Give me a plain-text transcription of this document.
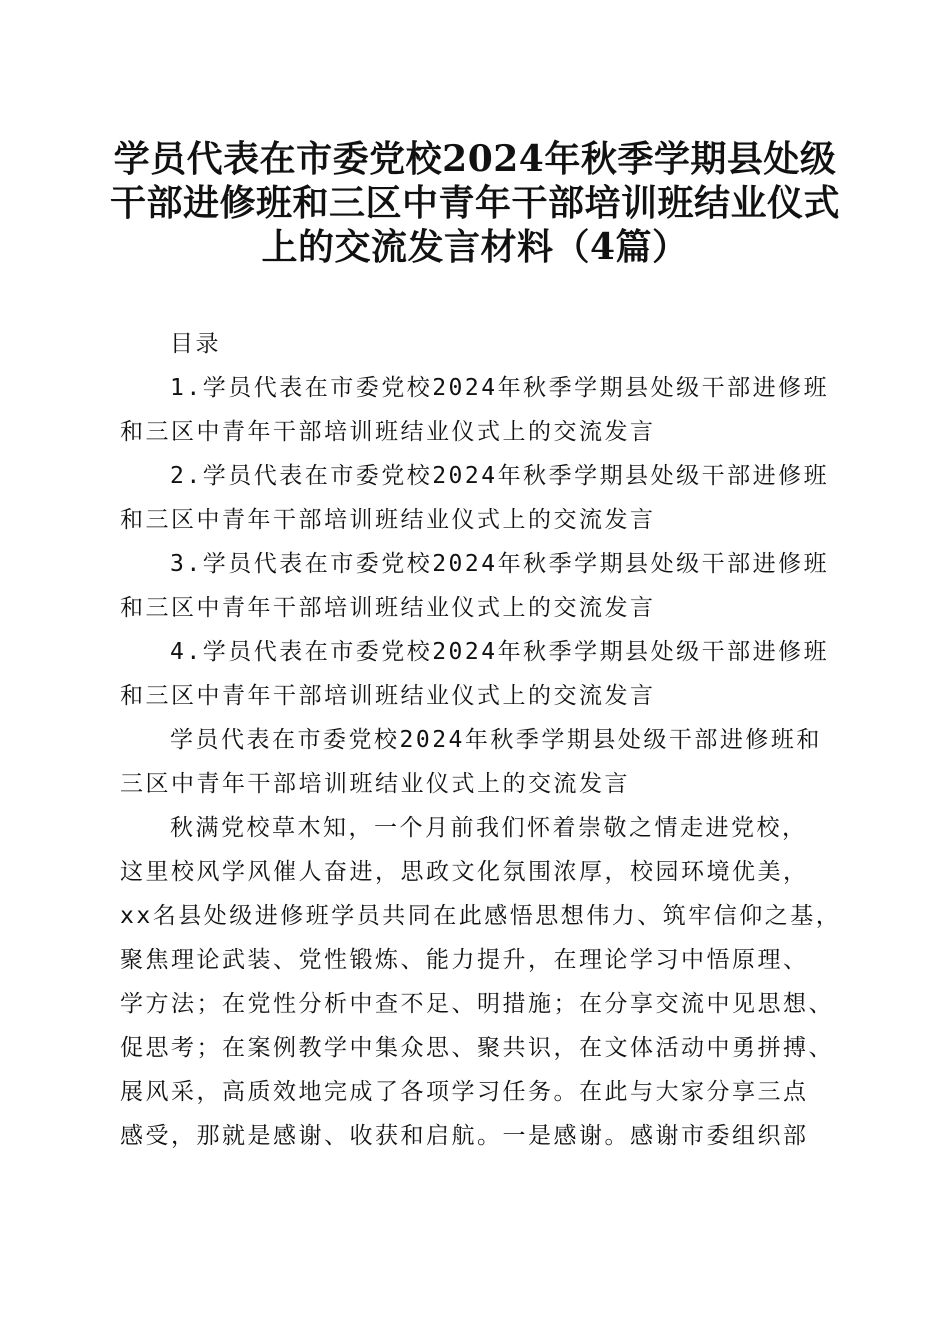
学员代表在市委党校2024年秋季学期县处级
干部进修班和三区中青年干部培训班结业仪式
上的交流发言材料（4篇）

目录

1.学员代表在市委党校2024年秋季学期县处级干部进修班
和三区中青年干部培训班结业仪式上的交流发言

2.学员代表在市委党校2024年秋季学期县处级干部进修班
和三区中青年干部培训班结业仪式上的交流发言

3.学员代表在市委党校2024年秋季学期县处级干部进修班
和三区中青年干部培训班结业仪式上的交流发言

4.学员代表在市委党校2024年秋季学期县处级干部进修班
和三区中青年干部培训班结业仪式上的交流发言

学员代表在市委党校2024年秋季学期县处级干部进修班和
三区中青年干部培训班结业仪式上的交流发言

秋满党校草木知，一个月前我们怀着崇敬之情走进党校，
这里校风学风催人奋进，思政文化氛围浓厚，校园环境优美，
xx名县处级进修班学员共同在此感悟思想伟力、筑牢信仰之基，
聚焦理论武装、党性锻炼、能力提升，在理论学习中悟原理、
学方法；在党性分析中查不足、明措施；在分享交流中见思想、
促思考；在案例教学中集众思、聚共识，在文体活动中勇拼搏、
展风采，高质效地完成了各项学习任务。在此与大家分享三点
感受，那就是感谢、收获和启航。一是感谢。感谢市委组织部
